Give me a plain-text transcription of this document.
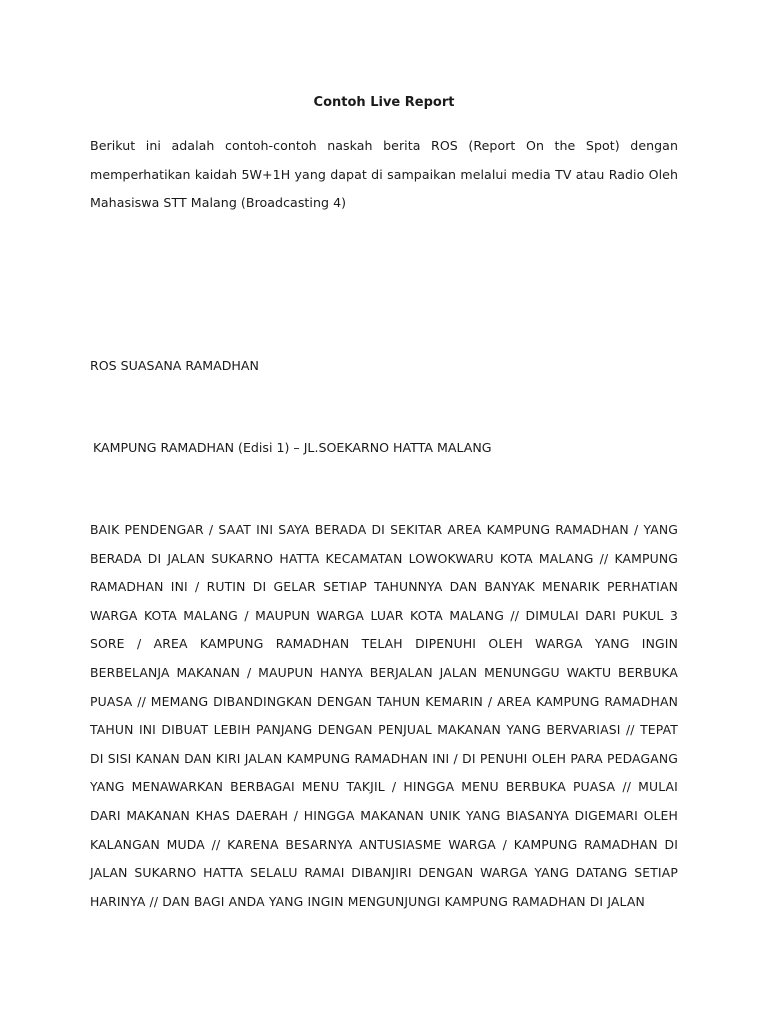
Contoh Live Report

Berikut ini adalah contoh-contoh naskah berita ROS (Report On the Spot) dengan memperhatikan kaidah 5W+1H yang dapat di sampaikan melalui media TV atau Radio Oleh Mahasiswa STT Malang (Broadcasting 4)

ROS SUASANA RAMADHAN

KAMPUNG RAMADHAN (Edisi 1) – JL.SOEKARNO HATTA MALANG

BAIK PENDENGAR / SAAT INI SAYA BERADA DI SEKITAR AREA KAMPUNG RAMADHAN / YANG BERADA DI JALAN SUKARNO HATTA KECAMATAN LOWOKWARU KOTA MALANG // KAMPUNG RAMADHAN INI / RUTIN DI GELAR SETIAP TAHUNNYA DAN BANYAK MENARIK PERHATIAN WARGA KOTA MALANG / MAUPUN WARGA LUAR KOTA MALANG // DIMULAI DARI PUKUL 3 SORE / AREA KAMPUNG RAMADHAN TELAH DIPENUHI OLEH WARGA YANG INGIN BERBELANJA MAKANAN / MAUPUN HANYA BERJALAN JALAN MENUNGGU WAKTU BERBUKA PUASA // MEMANG DIBANDINGKAN DENGAN TAHUN KEMARIN / AREA KAMPUNG RAMADHAN TAHUN INI DIBUAT LEBIH PANJANG DENGAN PENJUAL MAKANAN YANG BERVARIASI // TEPAT DI SISI KANAN DAN KIRI JALAN KAMPUNG RAMADHAN INI / DI PENUHI OLEH PARA PEDAGANG YANG MENAWARKAN BERBAGAI MENU TAKJIL / HINGGA MENU BERBUKA PUASA // MULAI DARI MAKANAN KHAS DAERAH / HINGGA MAKANAN UNIK YANG BIASANYA DIGEMARI OLEH KALANGAN MUDA // KARENA BESARNYA ANTUSIASME WARGA / KAMPUNG RAMADHAN DI JALAN SUKARNO HATTA SELALU RAMAI DIBANJIRI DENGAN WARGA YANG DATANG SETIAP HARINYA // DAN BAGI ANDA YANG INGIN MENGUNJUNGI KAMPUNG RAMADHAN DI JALAN
